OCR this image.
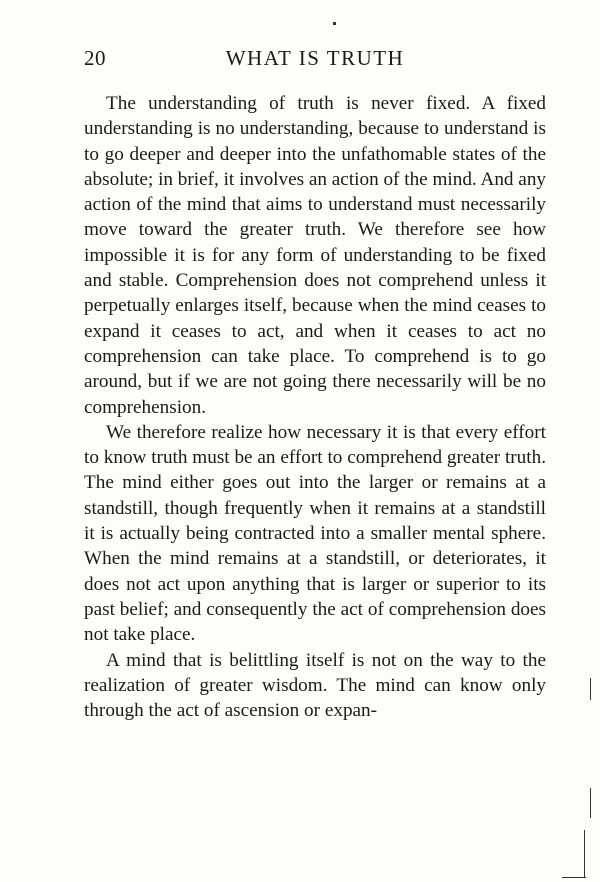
20	WHAT IS TRUTH

The understanding of truth is never fixed. A fixed understanding is no understanding, because to understand is to go deeper and deeper into the unfathomable states of the absolute; in brief, it involves an action of the mind. And any action of the mind that aims to understand must necessarily move toward the greater truth. We therefore see how impossible it is for any form of understanding to be fixed and stable. Comprehension does not comprehend unless it perpetually enlarges itself, because when the mind ceases to expand it ceases to act, and when it ceases to act no comprehension can take place. To comprehend is to go around, but if we are not going there necessarily will be no comprehension.

We therefore realize how necessary it is that every effort to know truth must be an effort to comprehend greater truth. The mind either goes out into the larger or remains at a standstill, though frequently when it remains at a standstill it is actually being contracted into a smaller mental sphere. When the mind remains at a standstill, or deteriorates, it does not act upon anything that is larger or superior to its past belief; and consequently the act of comprehension does not take place.

A mind that is belittling itself is not on the way to the realization of greater wisdom. The mind can know only through the act of ascension or expan-
